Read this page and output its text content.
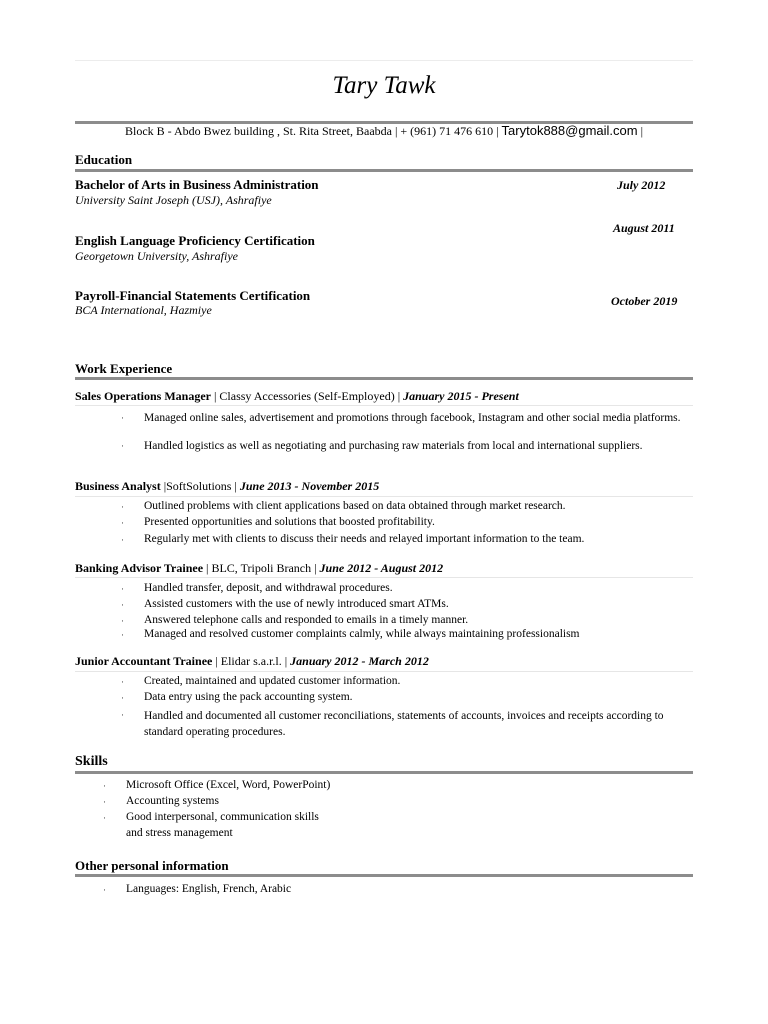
Tary Tawk
Block B - Abdo Bwez building , St. Rita Street, Baabda | + (961) 71 476 610 | Tarytok888@gmail.com |
Education
Bachelor of Arts in Business Administration
University Saint Joseph (USJ), Ashrafiye
July 2012
August 2011
English Language Proficiency Certification
Georgetown University, Ashrafiye
Payroll-Financial Statements Certification
BCA International, Hazmiye
October 2019
Work Experience
Sales Operations Manager | Classy Accessories (Self-Employed) | January 2015 - Present
· Managed online sales, advertisement and promotions through facebook, Instagram and other social media platforms.
· Handled logistics as well as negotiating and purchasing raw materials from local and international suppliers.
Business Analyst |SoftSolutions | June 2013 - November 2015
· Outlined problems with client applications based on data obtained through market research.
· Presented opportunities and solutions that boosted profitability.
· Regularly met with clients to discuss their needs and relayed important information to the team.
Banking Advisor Trainee | BLC, Tripoli Branch | June 2012 - August 2012
· Handled transfer, deposit, and withdrawal procedures.
· Assisted customers with the use of newly introduced smart ATMs.
· Answered telephone calls and responded to emails in a timely manner.
· Managed and resolved customer complaints calmly, while always maintaining professionalism
Junior Accountant Trainee | Elidar s.a.r.l. | January 2012 - March 2012
· Created, maintained and updated customer information.
· Data entry using the pack accounting system.
· Handled and documented all customer reconciliations, statements of accounts, invoices and receipts according to standard operating procedures.
Skills
· Microsoft Office (Excel, Word, PowerPoint)
· Accounting systems
· Good interpersonal, communication skills
and stress management
Other personal information
· Languages: English, French, Arabic
